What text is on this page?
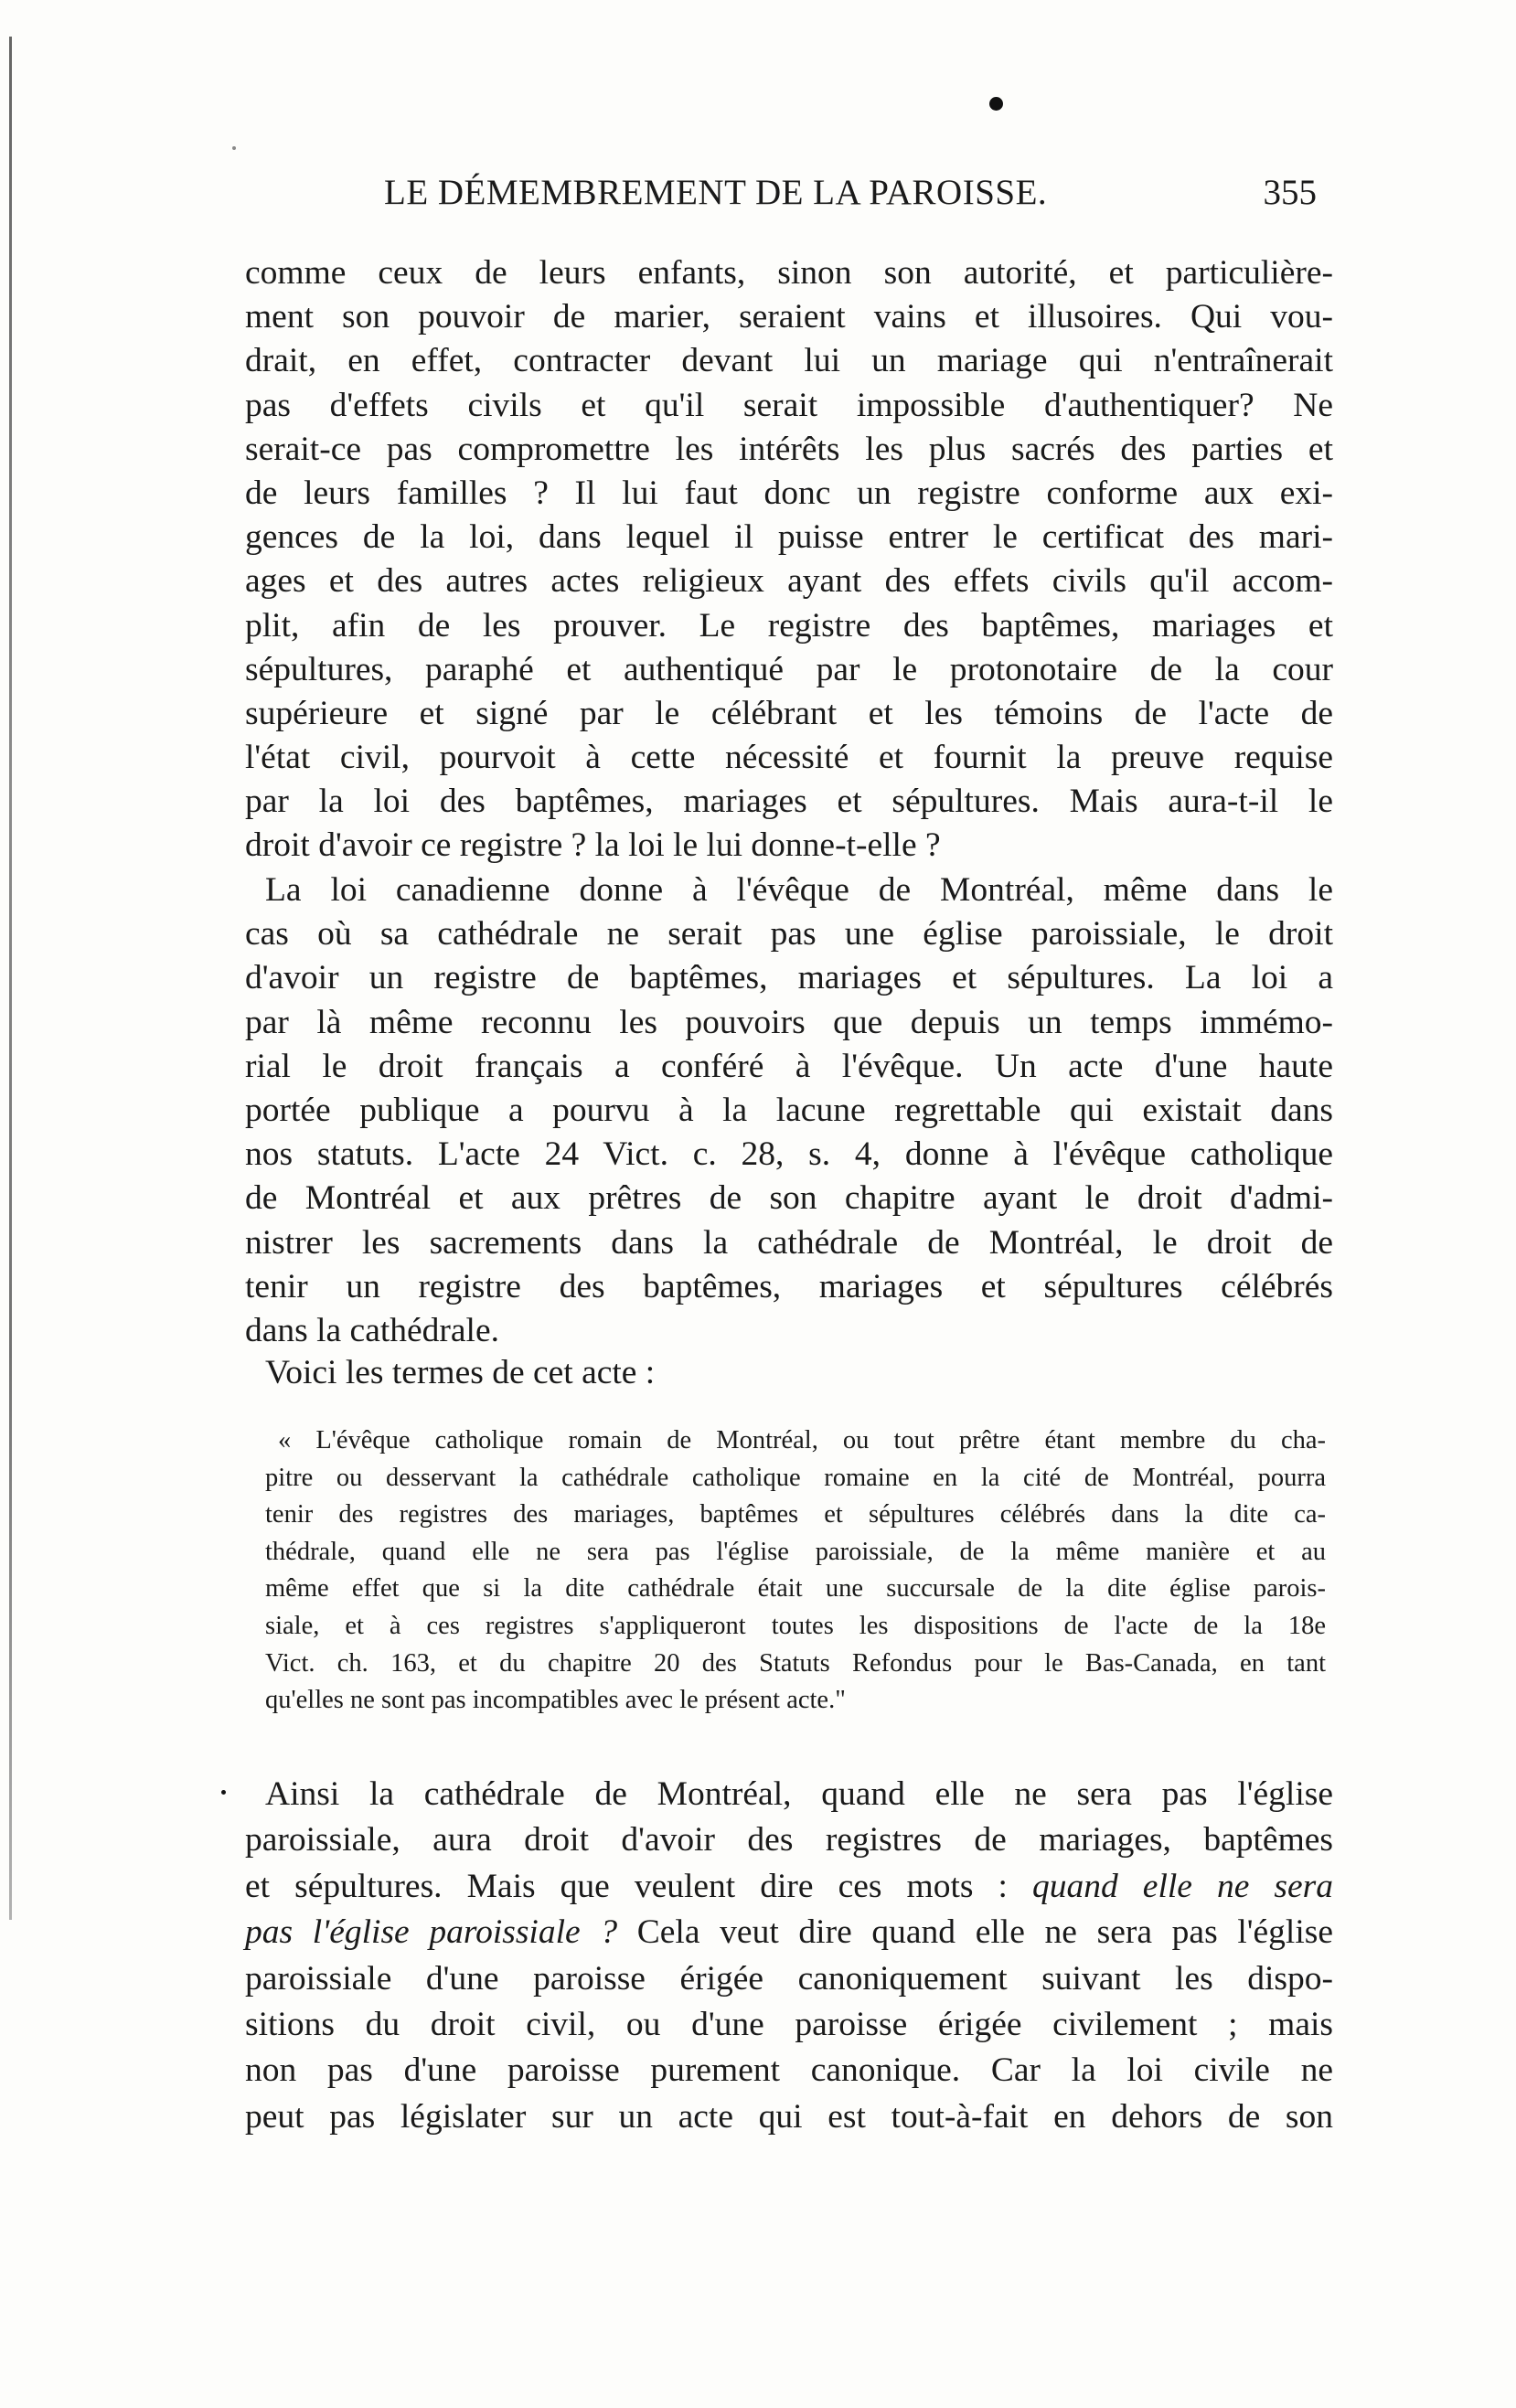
LE DÉMEMBREMENT DE LA PAROISSE.	355
comme ceux de leurs enfants, sinon son autorité, et particulière-
ment son pouvoir de marier, seraient vains et illusoires. Qui vou-
drait, en effet, contracter devant lui un mariage qui n'entraînerait
pas d'effets civils et qu'il serait impossible d'authentiquer? Ne
serait-ce pas compromettre les intérêts les plus sacrés des parties et
de leurs familles ? Il lui faut donc un registre conforme aux exi-
gences de la loi, dans lequel il puisse entrer le certificat des mari-
ages et des autres actes religieux ayant des effets civils qu'il accom-
plit, afin de les prouver. Le registre des baptêmes, mariages et
sépultures, paraphé et authentiqué par le protonotaire de la cour
supérieure et signé par le célébrant et les témoins de l'acte de
l'état civil, pourvoit à cette nécessité et fournit la preuve requise
par la loi des baptêmes, mariages et sépultures. Mais aura-t-il le
droit d'avoir ce registre ? la loi le lui donne-t-elle ?
La loi canadienne donne à l'évêque de Montréal, même dans le
cas où sa cathédrale ne serait pas une église paroissiale, le droit
d'avoir un registre de baptêmes, mariages et sépultures. La loi a
par là même reconnu les pouvoirs que depuis un temps immémo-
rial le droit français a conféré à l'évêque. Un acte d'une haute
portée publique a pourvu à la lacune regrettable qui existait dans
nos statuts. L'acte 24 Vict. c. 28, s. 4, donne à l'évêque catholique
de Montréal et aux prêtres de son chapitre ayant le droit d'admi-
nistrer les sacrements dans la cathédrale de Montréal, le droit de
tenir un registre des baptêmes, mariages et sépultures célébrés
dans la cathédrale.
Voici les termes de cet acte :
« L'évêque catholique romain de Montréal, ou tout prêtre étant membre du cha-
pitre ou desservant la cathédrale catholique romaine en la cité de Montréal, pourra
tenir des registres des mariages, baptêmes et sépultures célébrés dans la dite ca-
thédrale, quand elle ne sera pas l'église paroissiale, de la même manière et au
même effet que si la dite cathédrale était une succursale de la dite église parois-
siale, et à ces registres s'appliqueront toutes les dispositions de l'acte de la 18e
Vict. ch. 163, et du chapitre 20 des Statuts Refondus pour le Bas-Canada, en tant
qu'elles ne sont pas incompatibles avec le présent acte."
Ainsi la cathédrale de Montréal, quand elle ne sera pas l'église
paroissiale, aura droit d'avoir des registres de mariages, baptêmes
et sépultures. Mais que veulent dire ces mots : quand elle ne sera
pas l'église paroissiale ? Cela veut dire quand elle ne sera pas l'église
paroissiale d'une paroisse érigée canoniquement suivant les dispo-
sitions du droit civil, ou d'une paroisse érigée civilement ; mais
non pas d'une paroisse purement canonique. Car la loi civile ne
peut pas législater sur un acte qui est tout-à-fait en dehors de son
